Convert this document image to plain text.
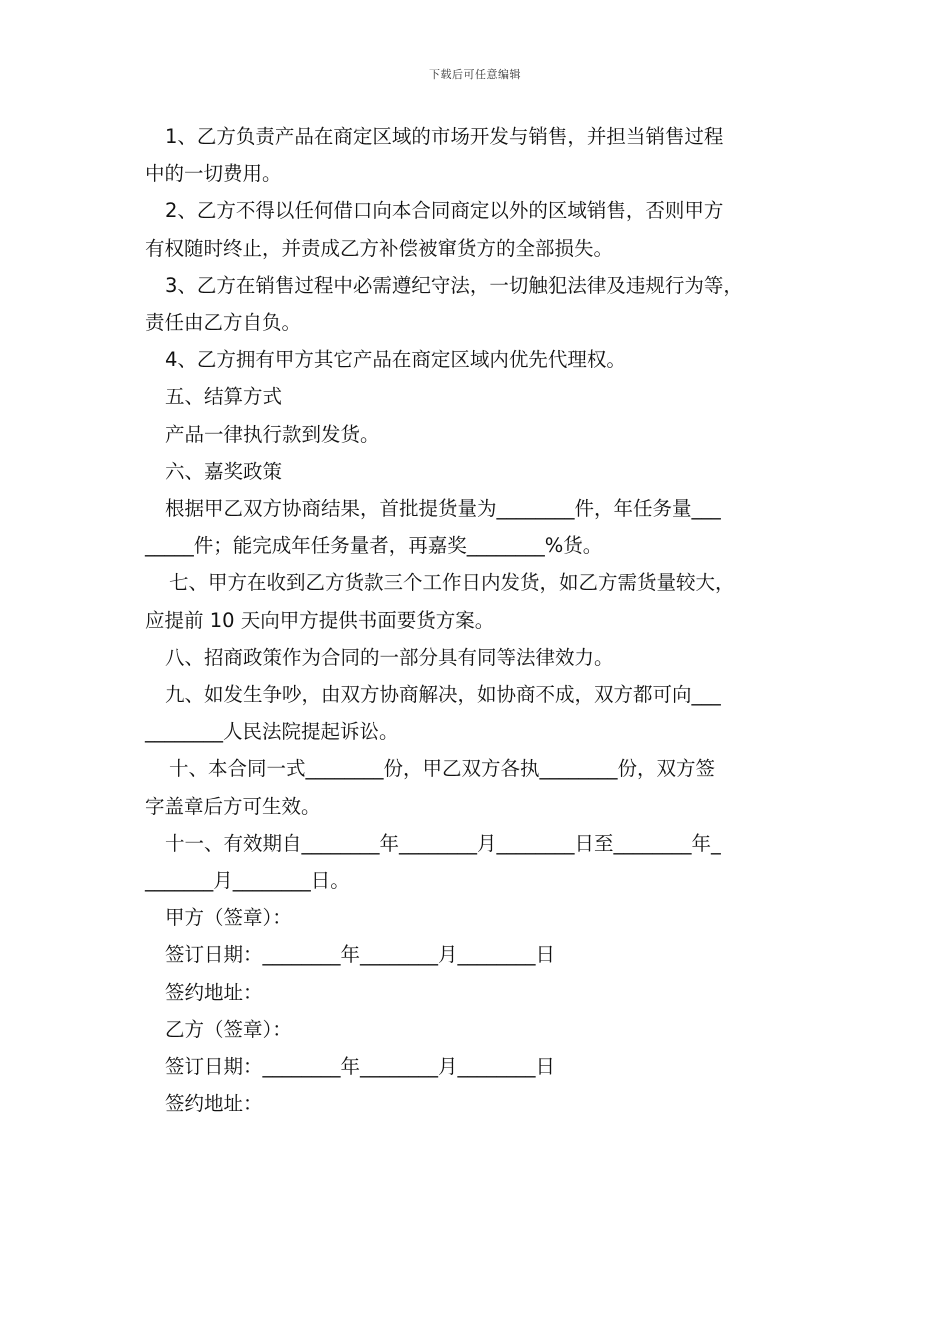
下载后可任意编辑
1、乙方负责产品在商定区域的市场开发与销售，并担当销售过程
中的一切费用。
2、乙方不得以任何借口向本合同商定以外的区域销售，否则甲方
有权随时终止，并责成乙方补偿被窜货方的全部损失。
3、乙方在销售过程中必需遵纪守法，一切触犯法律及违规行为等，
责任由乙方自负。
4、乙方拥有甲方其它产品在商定区域内优先代理权。
五、结算方式
产品一律执行款到发货。
六、嘉奖政策
根据甲乙双方协商结果，首批提货量为________件，年任务量___
_____件；能完成年任务量者，再嘉奖________%货。
七、甲方在收到乙方货款三个工作日内发货，如乙方需货量较大，
应提前 10 天向甲方提供书面要货方案。
八、招商政策作为合同的一部分具有同等法律效力。
九、如发生争吵，由双方协商解决，如协商不成，双方都可向___
________人民法院提起诉讼。
十、本合同一式________份，甲乙双方各执________份，双方签
字盖章后方可生效。
十一、有效期自________年________月________日至________年_
_______月________日。
甲方（签章）：
签订日期：________年________月________日
签约地址：
乙方（签章）：
签订日期：________年________月________日
签约地址：
